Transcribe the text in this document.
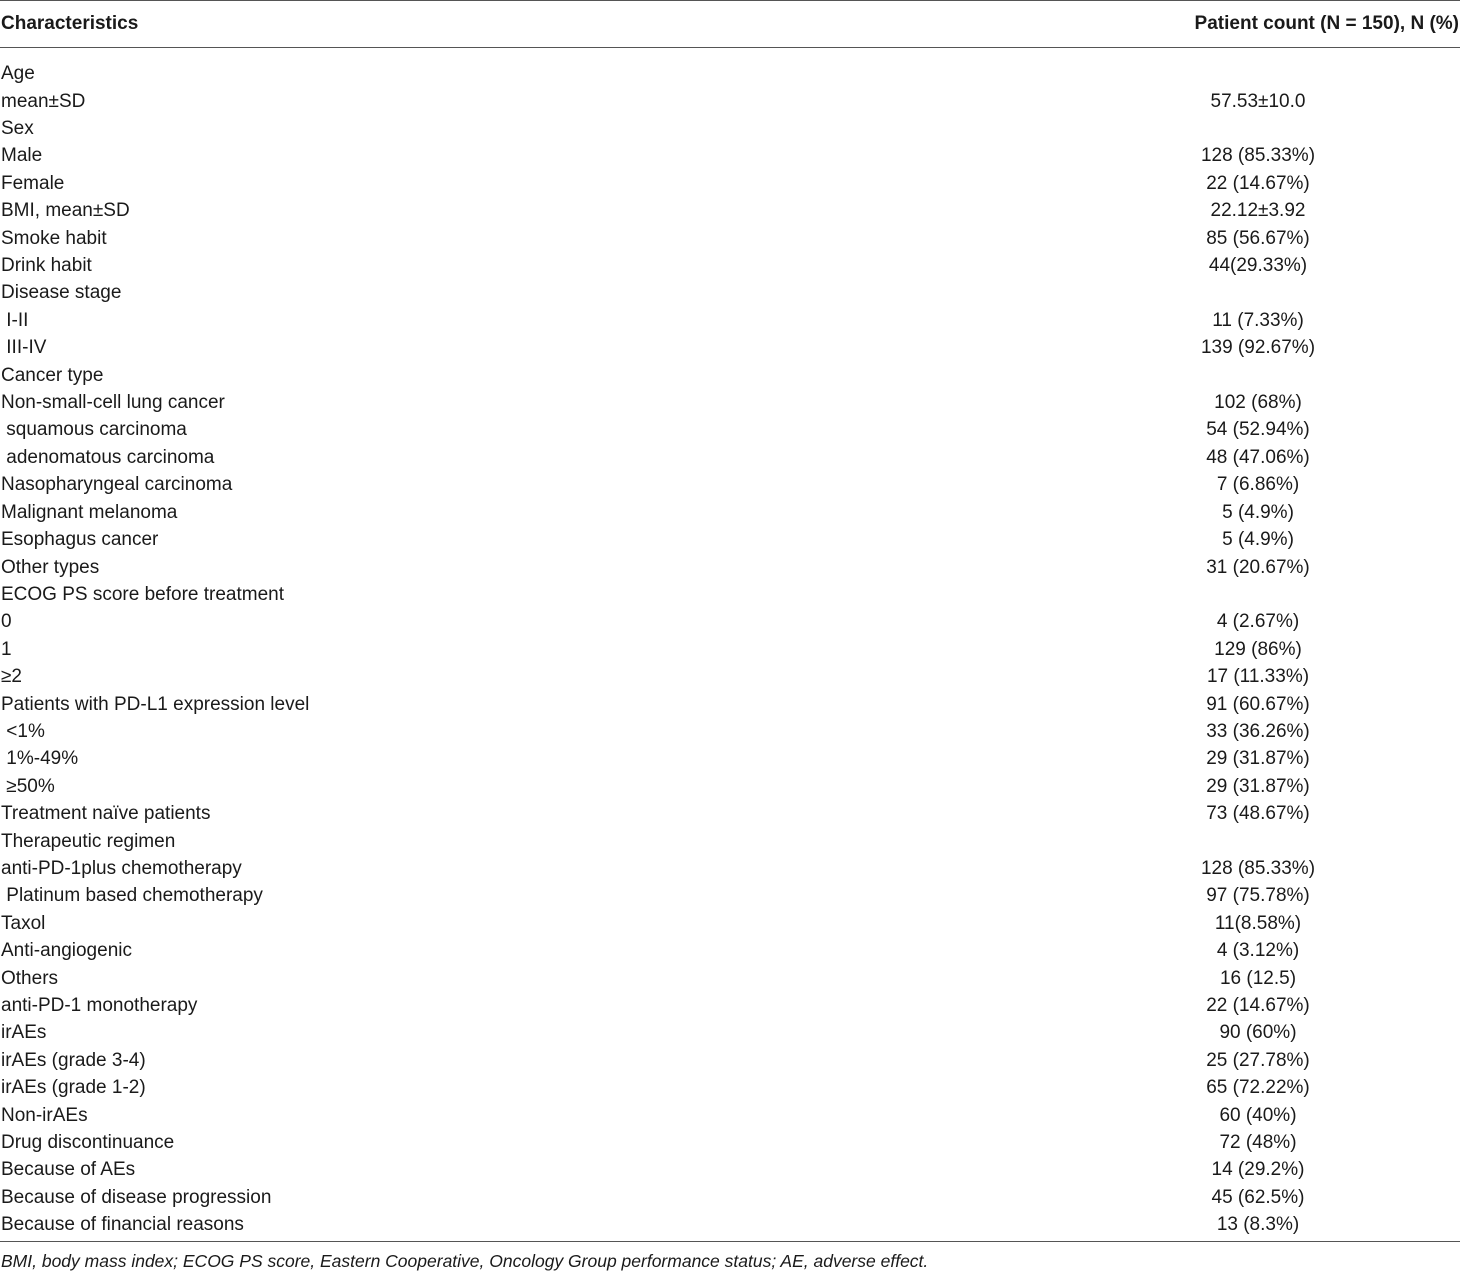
Characteristics	Patient count (N = 150), N (%)
Age
mean±SD	57.53±10.0
Sex
Male	128 (85.33%)
Female	22 (14.67%)
BMI, mean±SD	22.12±3.92
Smoke habit	85 (56.67%)
Drink habit	44(29.33%)
Disease stage
I-II	11 (7.33%)
III-IV	139 (92.67%)
Cancer type
Non-small-cell lung cancer	102 (68%)
squamous carcinoma	54 (52.94%)
adenomatous carcinoma	48 (47.06%)
Nasopharyngeal carcinoma	7 (6.86%)
Malignant melanoma	5 (4.9%)
Esophagus cancer	5 (4.9%)
Other types	31 (20.67%)
ECOG PS score before treatment
0	4 (2.67%)
1	129 (86%)
≥2	17 (11.33%)
Patients with PD-L1 expression level	91 (60.67%)
<1%	33 (36.26%)
1%-49%	29 (31.87%)
≥50%	29 (31.87%)
Treatment naïve patients	73 (48.67%)
Therapeutic regimen
anti-PD-1plus chemotherapy	128 (85.33%)
Platinum based chemotherapy	97 (75.78%)
Taxol	11(8.58%)
Anti-angiogenic	4 (3.12%)
Others	16 (12.5)
anti-PD-1 monotherapy	22 (14.67%)
irAEs	90 (60%)
irAEs (grade 3-4)	25 (27.78%)
irAEs (grade 1-2)	65 (72.22%)
Non-irAEs	60 (40%)
Drug discontinuance	72 (48%)
Because of AEs	14 (29.2%)
Because of disease progression	45 (62.5%)
Because of financial reasons	13 (8.3%)
BMI, body mass index; ECOG PS score, Eastern Cooperative, Oncology Group performance status; AE, adverse effect.
